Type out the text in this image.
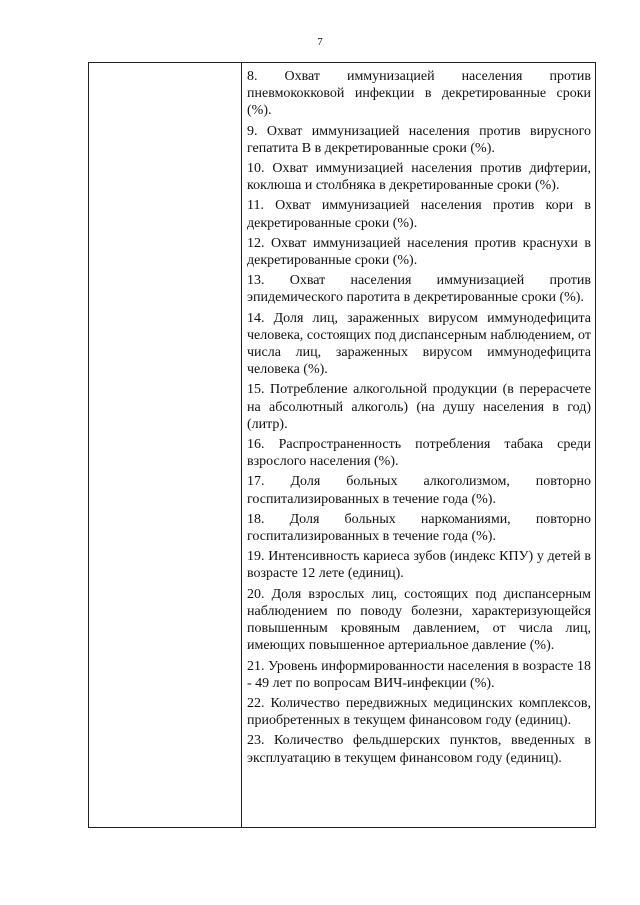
7

8. Охват иммунизацией населения против пневмококковой инфекции в декретированные сроки (%).

9. Охват иммунизацией населения против вирусного гепатита В в декретированные сроки (%).

10. Охват иммунизацией населения против дифтерии, коклюша и столбняка в декретированные сроки (%).

11. Охват иммунизацией населения против кори в декретированные сроки (%).

12. Охват иммунизацией населения против краснухи в декретированные сроки (%).

13. Охват населения иммунизацией против эпидемического паротита в декретированные сроки (%).

14. Доля лиц, зараженных вирусом иммунодефицита человека, состоящих под диспансерным наблюдением, от числа лиц, зараженных вирусом иммунодефицита человека (%).

15. Потребление алкогольной продукции (в перерасчете на абсолютный алкоголь) (на душу населения в год) (литр).

16. Распространенность потребления табака среди взрослого населения (%).

17. Доля больных алкоголизмом, повторно госпитализированных в течение года (%).

18. Доля больных наркоманиями, повторно госпитализированных в течение года (%).

19. Интенсивность кариеса зубов (индекс КПУ) у детей в возрасте 12 лете (единиц).

20. Доля взрослых лиц, состоящих под диспансерным наблюдением по поводу болезни, характеризующейся повышенным кровяным давлением, от числа лиц, имеющих повышенное артериальное давление (%).

21. Уровень информированности населения в возрасте 18 - 49 лет по вопросам ВИЧ-инфекции (%).

22. Количество передвижных медицинских комплексов, приобретенных в текущем финансовом году (единиц).

23. Количество фельдшерских пунктов, введенных в эксплуатацию в текущем финансовом году (единиц).
